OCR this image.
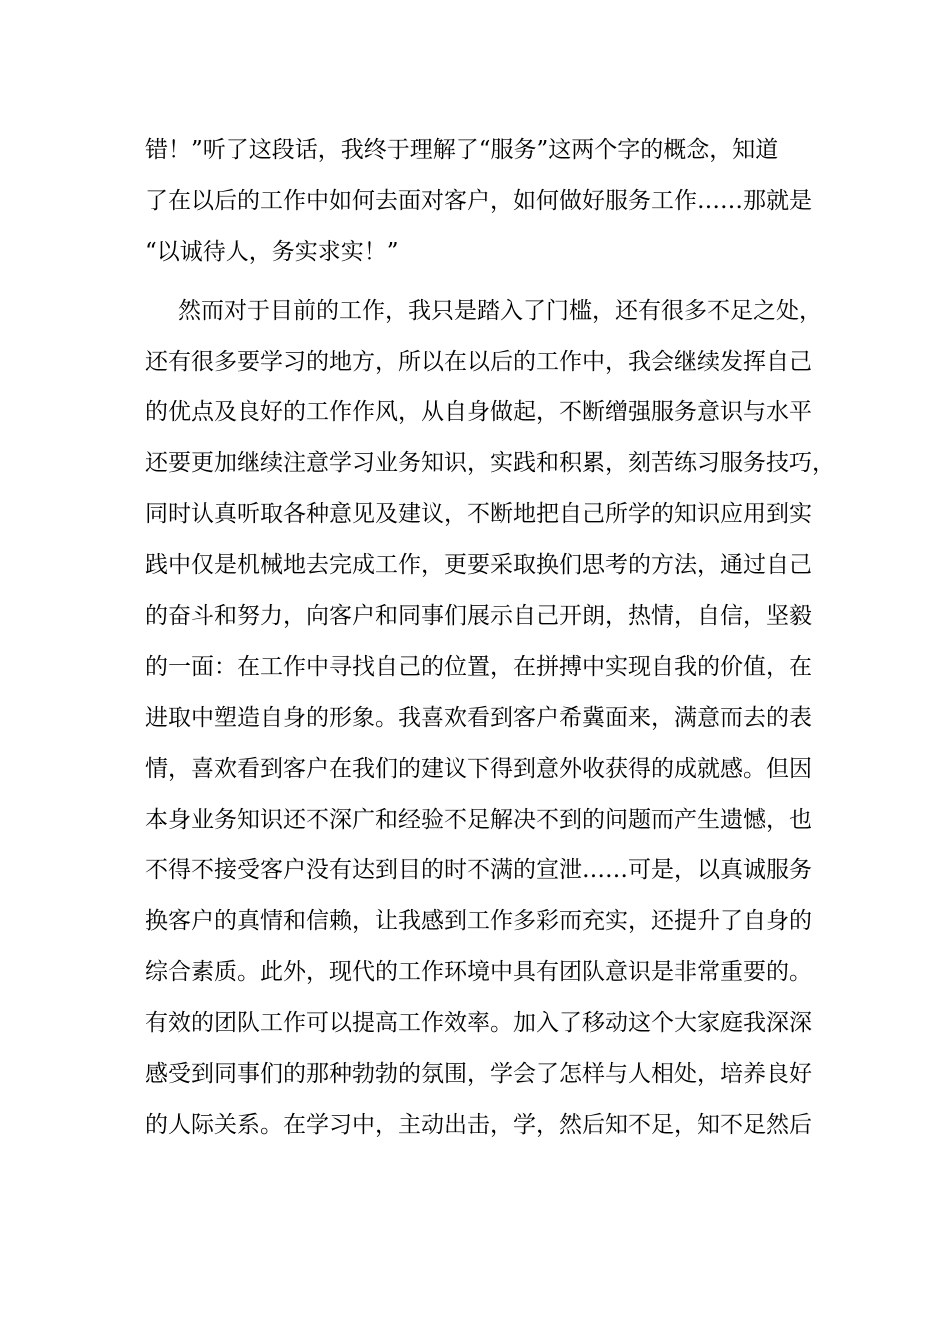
错！”听了这段话，我终于理解了“服务”这两个字的概念，知道
了在以后的工作中如何去面对客户，如何做好服务工作……那就是
“以诚待人，务实求实！”
然而对于目前的工作，我只是踏入了门槛，还有很多不足之处，
还有很多要学习的地方，所以在以后的工作中，我会继续发挥自己
的优点及良好的工作作风，从自身做起，不断缯强服务意识与水平
还要更加继续注意学习业务知识，实践和积累，刻苦练习服务技巧，
同时认真听取各种意见及建议，不断地把自己所学的知识应用到实
践中仅是机械地去完成工作，更要采取换们思考的方法，通过自己
的奋斗和努力，向客户和同事们展示自己开朗，热情，自信，坚毅
的一面：在工作中寻找自己的位置，在拼搏中实现自我的价值，在
进取中塑造自身的形象。我喜欢看到客户希冀面来，满意而去的表
情，喜欢看到客户在我们的建议下得到意外收获得的成就感。但因
本身业务知识还不深广和经验不足解决不到的问题而产生遗憾，也
不得不接受客户没有达到目的时不满的宣泄……可是，以真诚服务
换客户的真情和信赖，让我感到工作多彩而充实，还提升了自身的
综合素质。此外，现代的工作环境中具有团队意识是非常重要的。
有效的团队工作可以提高工作效率。加入了移动这个大家庭我深深
感受到同事们的那种勃勃的氛围，学会了怎样与人相处，培养良好
的人际关系。在学习中，主动出击，学，然后知不足，知不足然后
